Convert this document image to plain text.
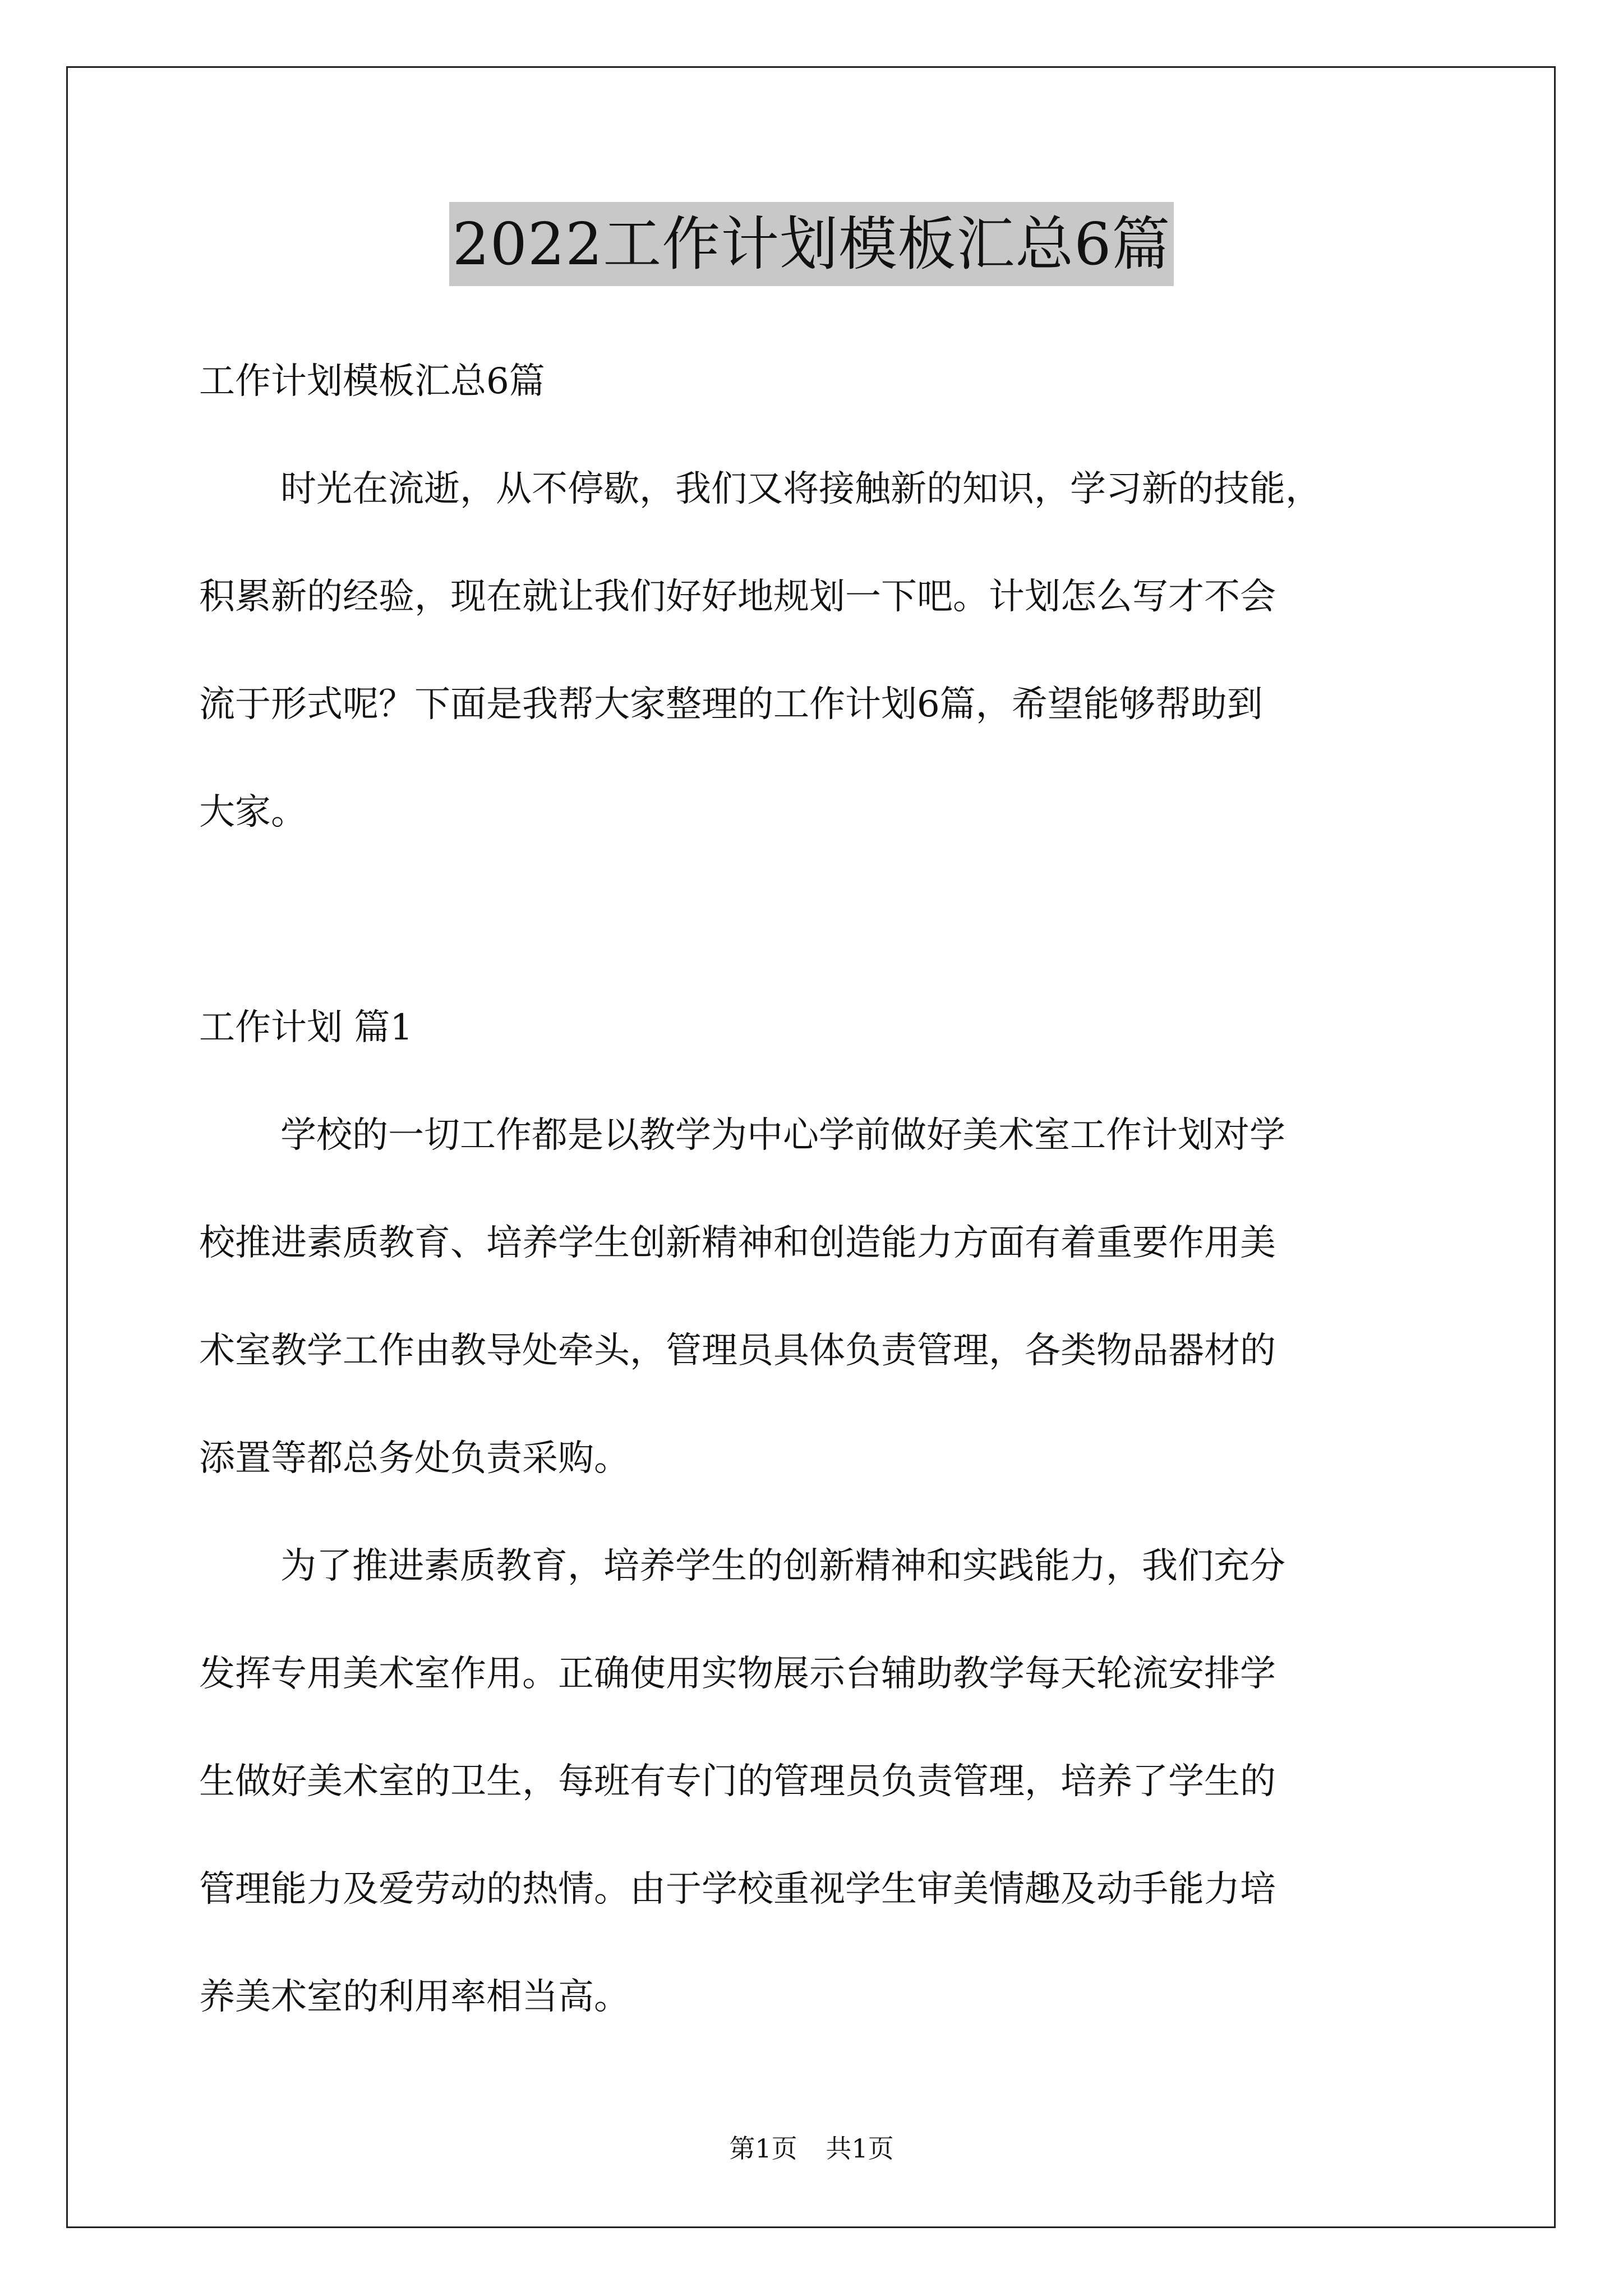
2022工作计划模板汇总6篇
工作计划模板汇总6篇
时光在流逝，从不停歇，我们又将接触新的知识，学习新的技能，
积累新的经验，现在就让我们好好地规划一下吧。计划怎么写才不会
流于形式呢？下面是我帮大家整理的工作计划6篇，希望能够帮助到
大家。
工作计划 篇1
学校的一切工作都是以教学为中心学前做好美术室工作计划对学
校推进素质教育、培养学生创新精神和创造能力方面有着重要作用美
术室教学工作由教导处牵头，管理员具体负责管理，各类物品器材的
添置等都总务处负责采购。
为了推进素质教育，培养学生的创新精神和实践能力，我们充分
发挥专用美术室作用。正确使用实物展示台辅助教学每天轮流安排学
生做好美术室的卫生，每班有专门的管理员负责管理，培养了学生的
管理能力及爱劳动的热情。由于学校重视学生审美情趣及动手能力培
养美术室的利用率相当高。
第1页 共1页
